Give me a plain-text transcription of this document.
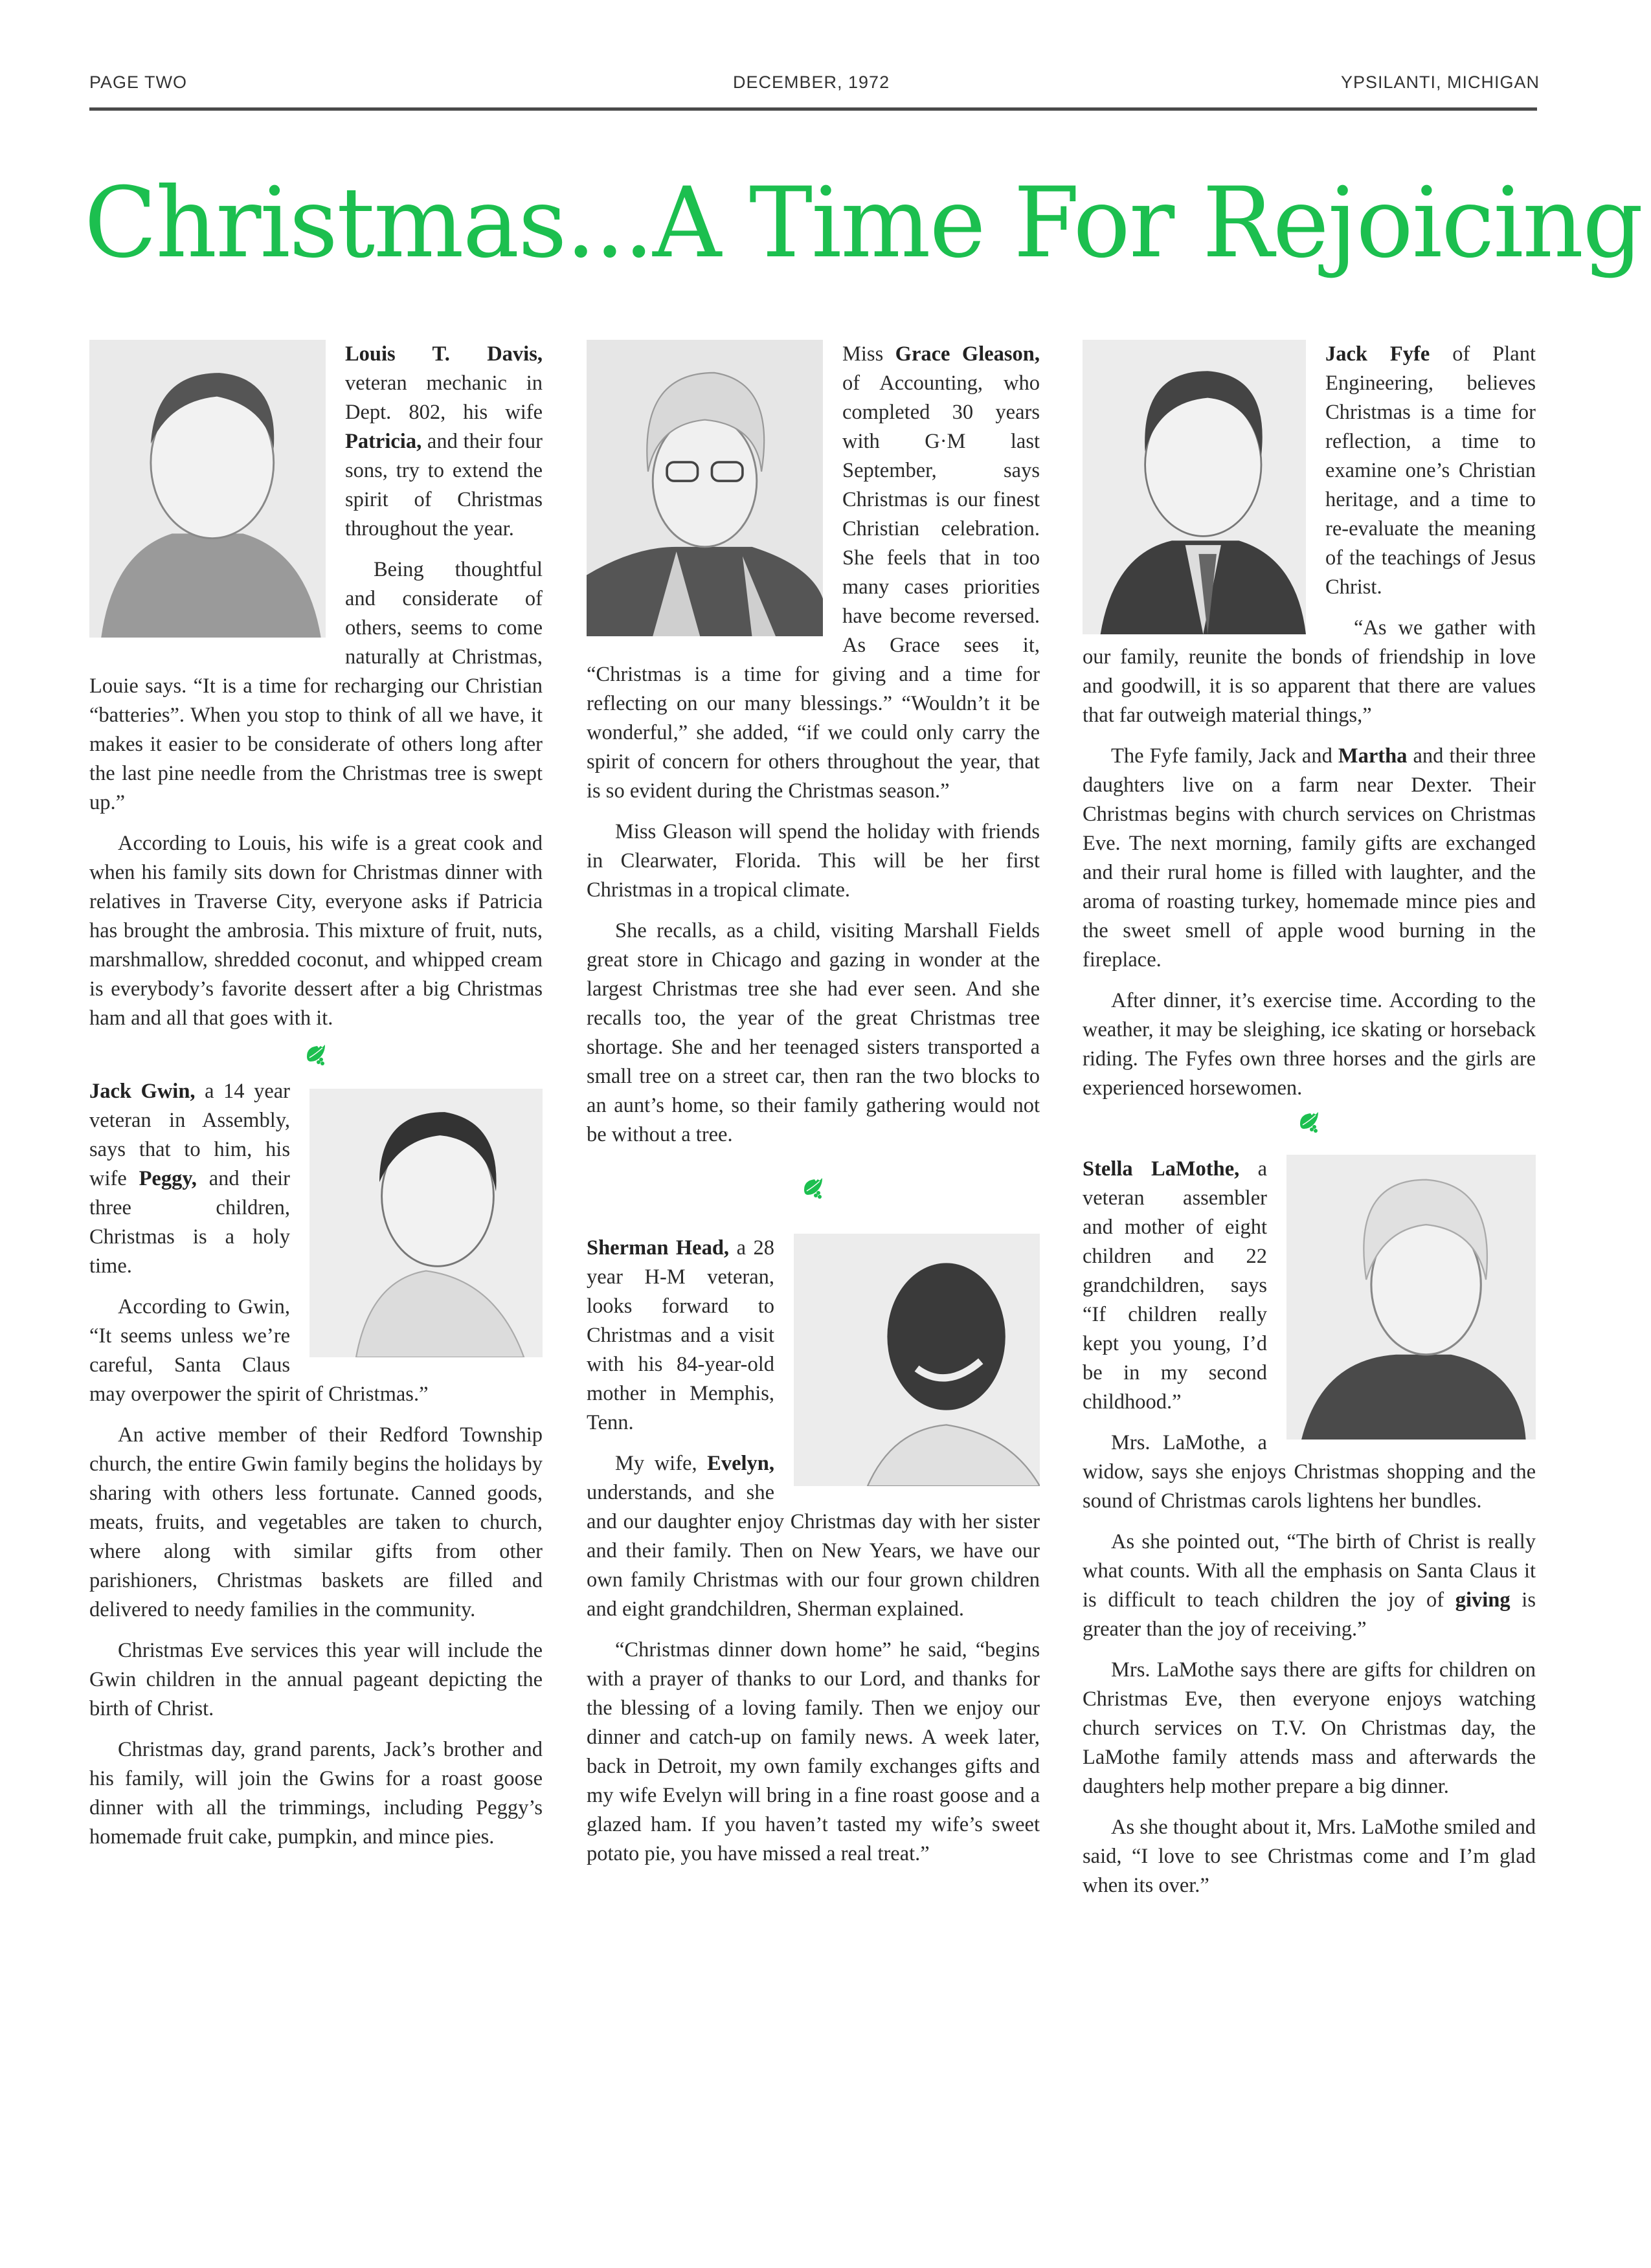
PAGE TWO	DECEMBER, 1972	YPSILANTI, MICHIGAN
Christmas...A Time For Rejoicing

Louis T. Davis, veteran mechanic in Dept. 802, his wife Patricia, and their four sons, try to extend the spirit of Christmas throughout the year.

Being thoughtful and considerate of others, seems to come naturally at Christmas, Louie says. “It is a time for recharging our Christian “batteries”. When you stop to think of all we have, it makes it easier to be considerate of others long after the last pine needle from the Christmas tree is swept up.”

According to Louis, his wife is a great cook and when his family sits down for Christmas dinner with relatives in Traverse City, everyone asks if Patricia has brought the ambrosia. This mixture of fruit, nuts, marshmallow, shredded coconut, and whipped cream is everybody’s favorite dessert after a big Christmas ham and all that goes with it.

Jack Gwin, a 14 year veteran in Assembly, says that to him, his wife Peggy, and their three children, Christmas is a holy time.

According to Gwin, “It seems unless we’re careful, Santa Claus may overpower the spirit of Christmas.”

An active member of their Redford Township church, the entire Gwin family begins the holidays by sharing with others less fortunate. Canned goods, meats, fruits, and vegetables are taken to church, where along with similar gifts from other parishioners, Christmas baskets are filled and delivered to needy families in the community.

Christmas Eve services this year will include the Gwin children in the annual pageant depicting the birth of Christ.

Christmas day, grand parents, Jack’s brother and his family, will join the Gwins for a roast goose dinner with all the trimmings, including Peggy’s homemade fruit cake, pumpkin, and mince pies.

Miss Grace Gleason, of Accounting, who completed 30 years with G·M last September, says Christmas is our finest Christian celebration. She feels that in too many cases priorities have become reversed. As Grace sees it, “Christmas is a time for giving and a time for reflecting on our many blessings.” “Wouldn’t it be wonderful,” she added, “if we could only carry the spirit of concern for others throughout the year, that is so evident during the Christmas season.”

Miss Gleason will spend the holiday with friends in Clearwater, Florida. This will be her first Christmas in a tropical climate.

She recalls, as a child, visiting Marshall Fields great store in Chicago and gazing in wonder at the largest Christmas tree she had ever seen. And she recalls too, the year of the great Christmas tree shortage. She and her teenaged sisters transported a small tree on a street car, then ran the two blocks to an aunt’s home, so their family gathering would not be without a tree.

Sherman Head, a 28 year H-M veteran, looks forward to Christmas and a visit with his 84-year-old mother in Memphis, Tenn.

My wife, Evelyn, understands, and she and our daughter enjoy Christmas day with her sister and their family. Then on New Years, we have our own family Christmas with our four grown children and eight grandchildren, Sherman explained.

“Christmas dinner down home” he said, “begins with a prayer of thanks to our Lord, and thanks for the blessing of a loving family. Then we enjoy our dinner and catch-up on family news. A week later, back in Detroit, my own family exchanges gifts and my wife Evelyn will bring in a fine roast goose and a glazed ham. If you haven’t tasted my wife’s sweet potato pie, you have missed a real treat.”

Jack Fyfe of Plant Engineering, believes Christmas is a time for reflection, a time to examine one’s Christian heritage, and a time to re-evaluate the meaning of the teachings of Jesus Christ.

“As we gather with our family, reunite the bonds of friendship in love and goodwill, it is so apparent that there are values that far outweigh material things,”

The Fyfe family, Jack and Martha and their three daughters live on a farm near Dexter. Their Christmas begins with church services on Christmas Eve. The next morning, family gifts are exchanged and their rural home is filled with laughter, and the aroma of roasting turkey, homemade mince pies and the sweet smell of apple wood burning in the fireplace.

After dinner, it’s exercise time. According to the weather, it may be sleighing, ice skating or horseback riding. The Fyfes own three horses and the girls are experienced horsewomen.

Stella LaMothe, a veteran assembler and mother of eight children and 22 grandchildren, says “If children really kept you young, I’d be in my second childhood.”

Mrs. LaMothe, a widow, says she enjoys Christmas shopping and the sound of Christmas carols lightens her bundles.

As she pointed out, “The birth of Christ is really what counts. With all the emphasis on Santa Claus it is difficult to teach children the joy of giving is greater than the joy of receiving.”

Mrs. LaMothe says there are gifts for children on Christmas Eve, then everyone enjoys watching church services on T.V. On Christmas day, the LaMothe family attends mass and afterwards the daughters help mother prepare a big dinner.

As she thought about it, Mrs. LaMothe smiled and said, “I love to see Christmas come and I’m glad when its over.”
